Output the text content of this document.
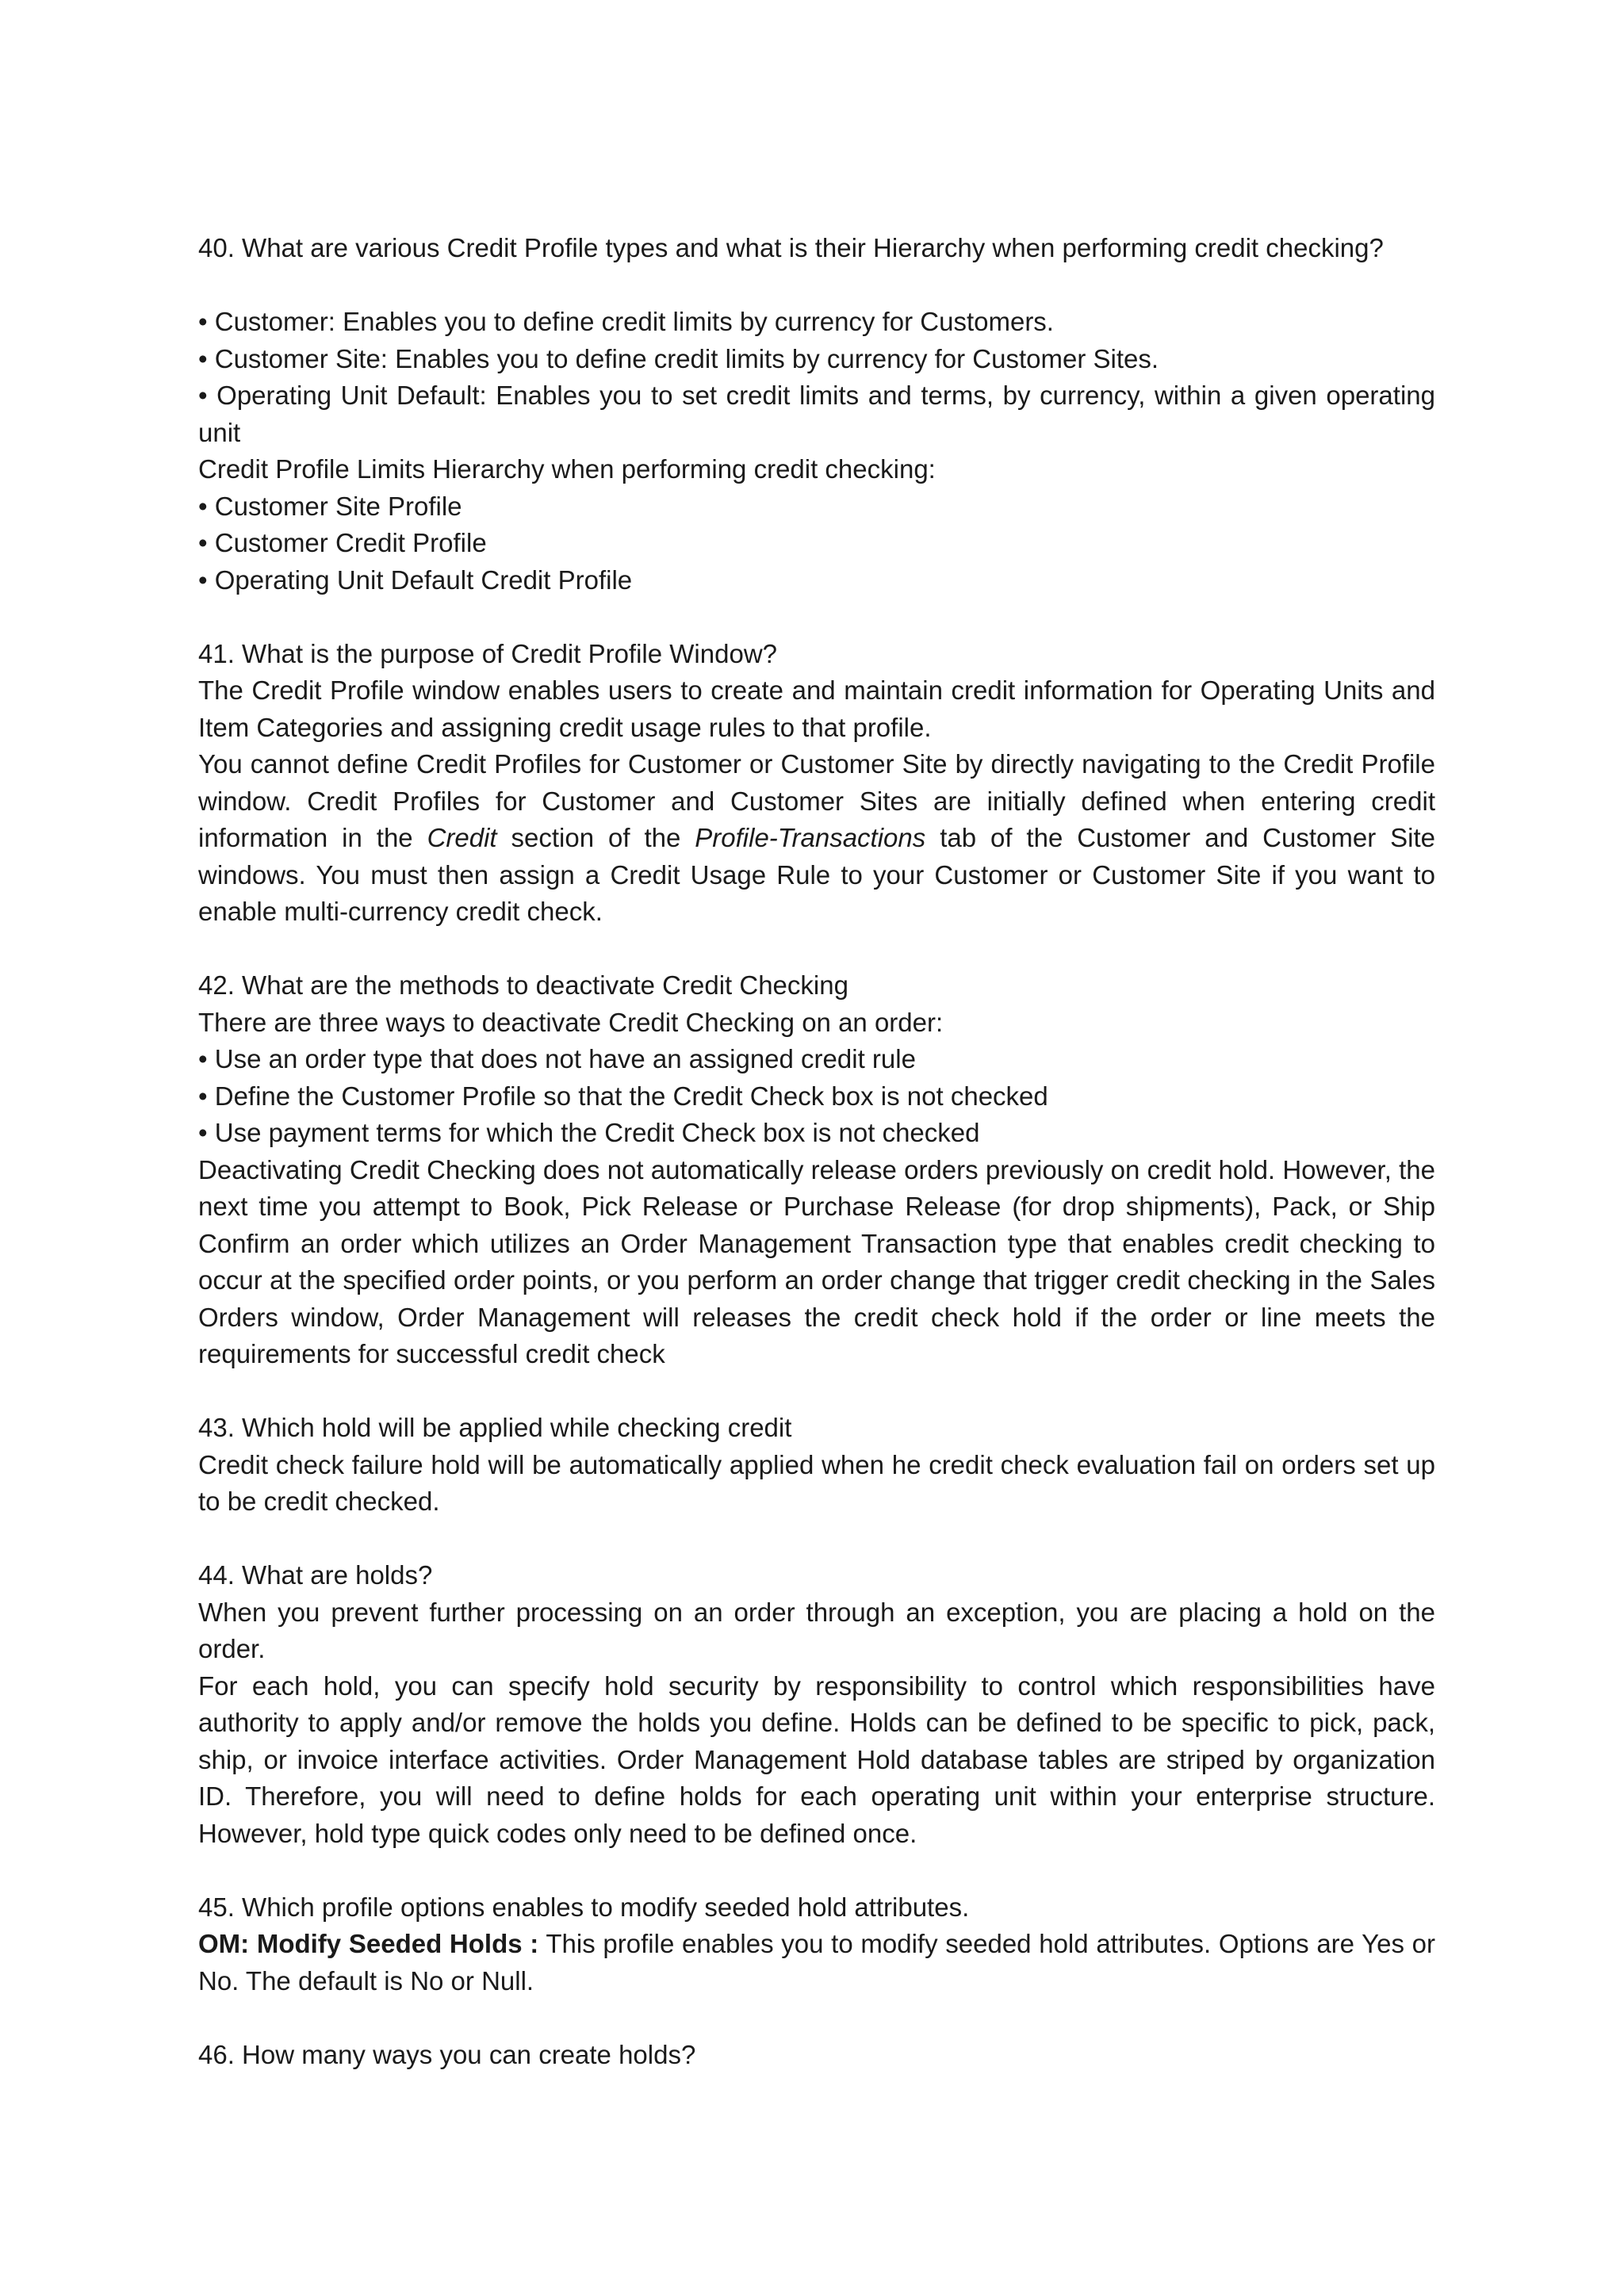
40. What are various Credit Profile types and what is their Hierarchy when performing credit checking?

• Customer: Enables you to define credit limits by currency for Customers.

• Customer Site: Enables you to define credit limits by currency for Customer Sites.

• Operating Unit Default: Enables you to set credit limits and terms, by currency, within a given operating unit

Credit Profile Limits Hierarchy when performing credit checking:

• Customer Site Profile

• Customer Credit Profile

• Operating Unit Default Credit Profile

41. What is the purpose of Credit Profile Window?

The Credit Profile window enables users to create and maintain credit information for Operating Units and Item Categories and assigning credit usage rules to that profile.

You cannot define Credit Profiles for Customer or Customer Site by directly navigating to the Credit Profile window. Credit Profiles for Customer and Customer Sites are initially defined when entering credit information in the Credit section of the Profile-Transactions tab of the Customer and Customer Site windows. You must then assign a Credit Usage Rule to your Customer or Customer Site if you want to enable multi-currency credit check.

42. What are the methods to deactivate Credit Checking

There are three ways to deactivate Credit Checking on an order:

• Use an order type that does not have an assigned credit rule

• Define the Customer Profile so that the Credit Check box is not checked

• Use payment terms for which the Credit Check box is not checked

Deactivating Credit Checking does not automatically release orders previously on credit hold. However, the next time you attempt to Book, Pick Release or Purchase Release (for drop shipments), Pack, or Ship Confirm an order which utilizes an Order Management Transaction type that enables credit checking to occur at the specified order points, or you perform an order change that trigger credit checking in the Sales Orders window, Order Management will releases the credit check hold if the order or line meets the requirements for successful credit check

43. Which hold will be applied while checking credit

Credit check failure hold will be automatically applied when he credit check evaluation fail on orders set up to be credit checked.

44. What are holds?

When you prevent further processing on an order through an exception, you are placing a hold on the order.

For each hold, you can specify hold security by responsibility to control which responsibilities have authority to apply and/or remove the holds you define. Holds can be defined to be specific to pick, pack, ship, or invoice interface activities. Order Management Hold database tables are striped by organization ID. Therefore, you will need to define holds for each operating unit within your enterprise structure. However, hold type quick codes only need to be defined once.

45. Which profile options enables to modify seeded hold attributes.

OM: Modify Seeded Holds : This profile enables you to modify seeded hold attributes. Options are Yes or No. The default is No or Null.

46. How many ways you can create holds?
